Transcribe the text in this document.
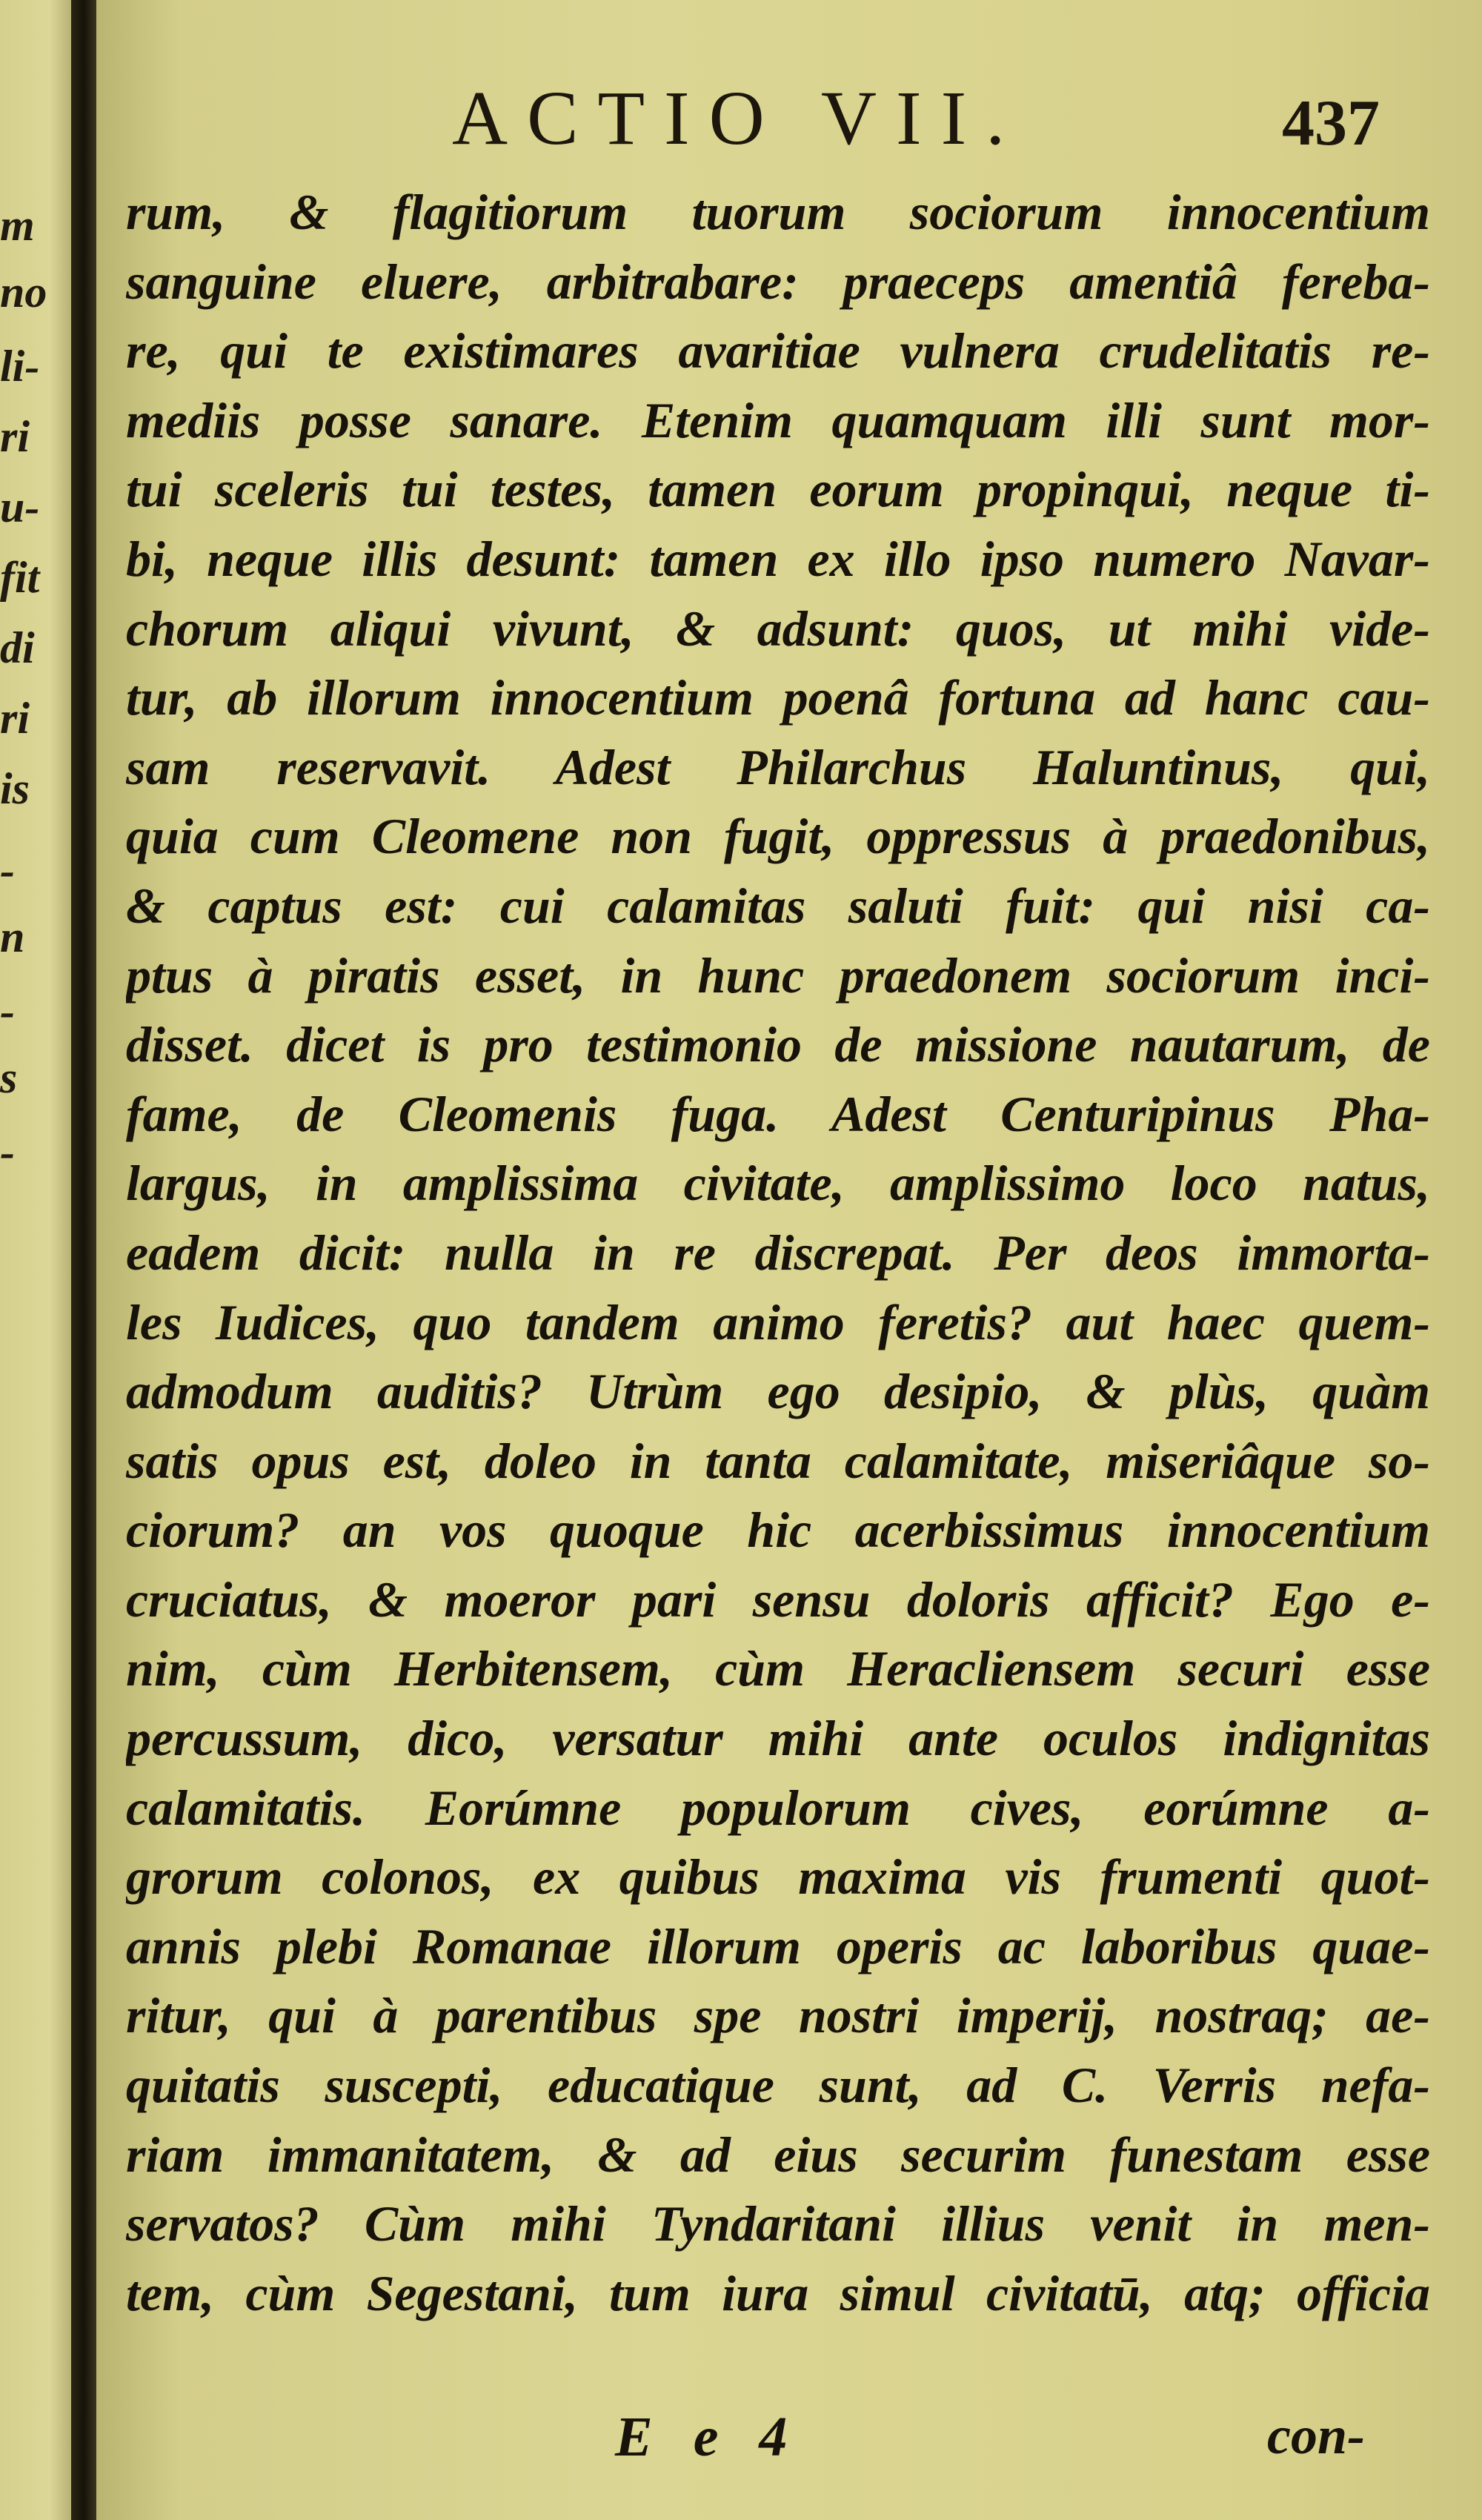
m
no
li-
ri
u-
fit
di
ri
is
-
n
-
s
-
ACTIO VII.	437
rum, & flagitiorum tuorum sociorum innocentium
sanguine eluere, arbitrabare: praeceps amentiâ fereba-
re, qui te existimares avaritiae vulnera crudelitatis re-
mediis posse sanare. Etenim quamquam illi sunt mor-
tui sceleris tui testes, tamen eorum propinqui, neque ti-
bi, neque illis desunt: tamen ex illo ipso numero Navar-
chorum aliqui vivunt, & adsunt: quos, ut mihi vide-
tur, ab illorum innocentium poenâ fortuna ad hanc cau-
sam reservavit. Adest Philarchus Haluntinus, qui,
quia cum Cleomene non fugit, oppressus à praedonibus,
& captus est: cui calamitas saluti fuit: qui nisi ca-
ptus à piratis esset, in hunc praedonem sociorum inci-
disset. dicet is pro testimonio de missione nautarum, de
fame, de Cleomenis fuga. Adest Centuripinus Pha-
largus, in amplissima civitate, amplissimo loco natus,
eadem dicit: nulla in re discrepat. Per deos immorta-
les Iudices, quo tandem animo feretis? aut haec quem-
admodum auditis? Utrùm ego desipio, & plùs, quàm
satis opus est, doleo in tanta calamitate, miseriâque so-
ciorum? an vos quoque hic acerbissimus innocentium
cruciatus, & moeror pari sensu doloris afficit? Ego e-
nim, cùm Herbitensem, cùm Heracliensem securi esse
percussum, dico, versatur mihi ante oculos indignitas
calamitatis. Eorúmne populorum cives, eorúmne a-
grorum colonos, ex quibus maxima vis frumenti quot-
annis plebi Romanae illorum operis ac laboribus quae-
ritur, qui à parentibus spe nostri imperij, nostraq; ae-
quitatis suscepti, educatique sunt, ad C. Verris nefa-
riam immanitatem, & ad eius securim funestam esse
servatos? Cùm mihi Tyndaritani illius venit in men-
tem, cùm Segestani, tum iura simul civitatū, atq; officia
E e 4	con-
